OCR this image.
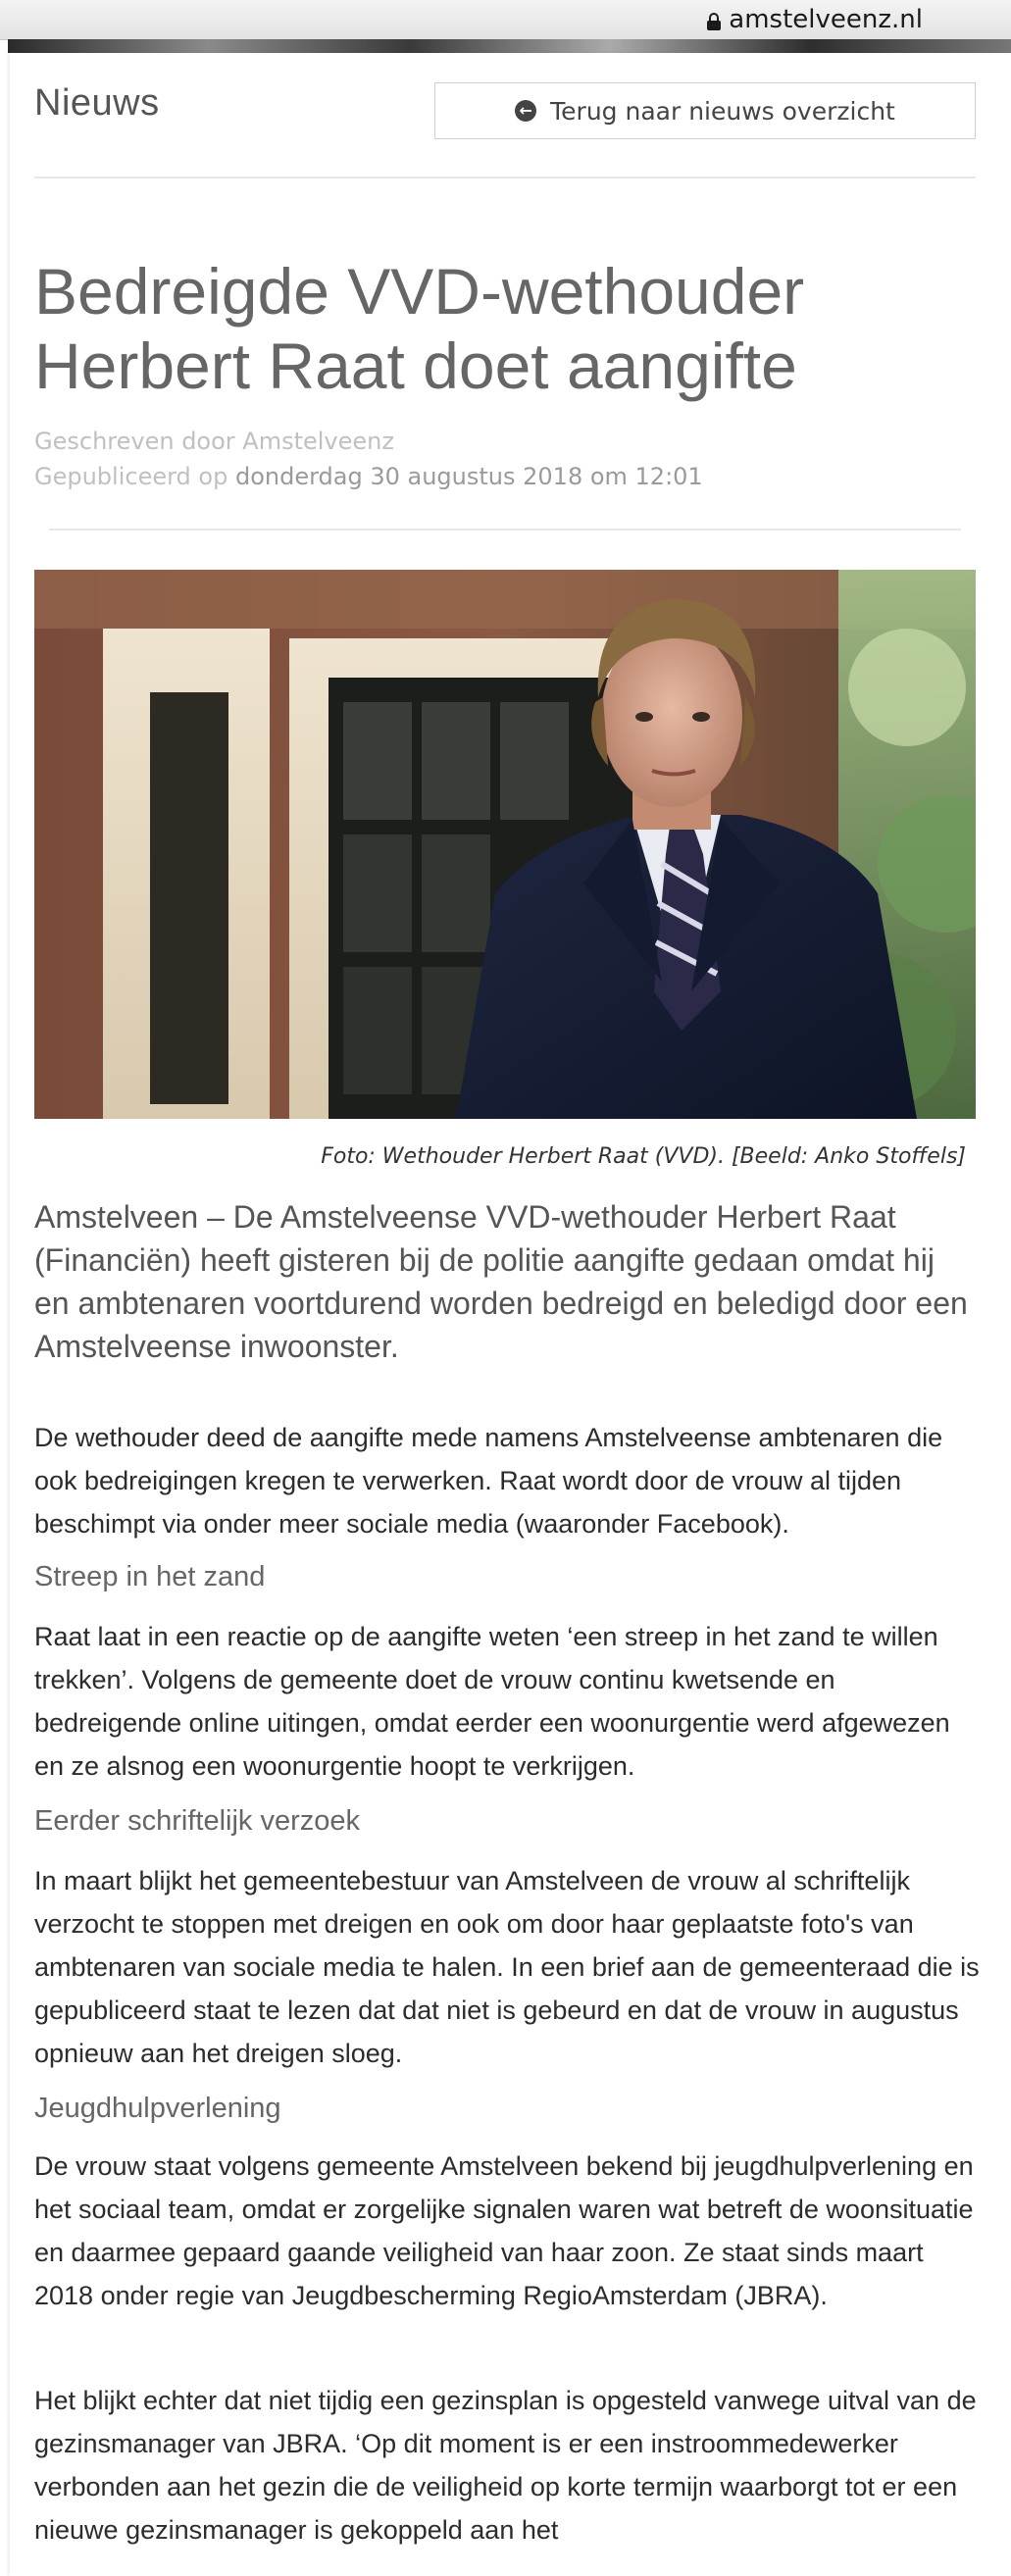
amstelveenz.nl
Nieuws	← Terug naar nieuws overzicht
Bedreigde VVD-wethouder Herbert Raat doet aangifte
Geschreven door Amstelveenz
Gepubliceerd op donderdag 30 augustus 2018 om 12:01
Foto: Wethouder Herbert Raat (VVD). [Beeld: Anko Stoffels]

Amstelveen – De Amstelveense VVD-wethouder Herbert Raat (Financiën) heeft gisteren bij de politie aangifte gedaan omdat hij en ambtenaren voortdurend worden bedreigd en beledigd door een Amstelveense inwoonster.

De wethouder deed de aangifte mede namens Amstelveense ambtenaren die ook bedreigingen kregen te verwerken. Raat wordt door de vrouw al tijden beschimpt via onder meer sociale media (waaronder Facebook).

Streep in het zand

Raat laat in een reactie op de aangifte weten ‘een streep in het zand te willen trekken’. Volgens de gemeente doet de vrouw continu kwetsende en bedreigende online uitingen, omdat eerder een woonurgentie werd afgewezen en ze alsnog een woonurgentie hoopt te verkrijgen.

Eerder schriftelijk verzoek

In maart blijkt het gemeentebestuur van Amstelveen de vrouw al schriftelijk verzocht te stoppen met dreigen en ook om door haar geplaatste foto's van ambtenaren van sociale media te halen. In een brief aan de gemeenteraad die is gepubliceerd staat te lezen dat dat niet is gebeurd en dat de vrouw in augustus opnieuw aan het dreigen sloeg.

Jeugdhulpverlening

De vrouw staat volgens gemeente Amstelveen bekend bij jeugdhulpverlening en het sociaal team, omdat er zorgelijke signalen waren wat betreft de woonsituatie en daarmee gepaard gaande veiligheid van haar zoon. Ze staat sinds maart 2018 onder regie van Jeugdbescherming RegioAmsterdam (JBRA).

Het blijkt echter dat niet tijdig een gezinsplan is opgesteld vanwege uitval van de gezinsmanager van JBRA. ‘Op dit moment is er een instroommedewerker verbonden aan het gezin die de veiligheid op korte termijn waarborgt tot er een nieuwe gezinsmanager is gekoppeld aan het
